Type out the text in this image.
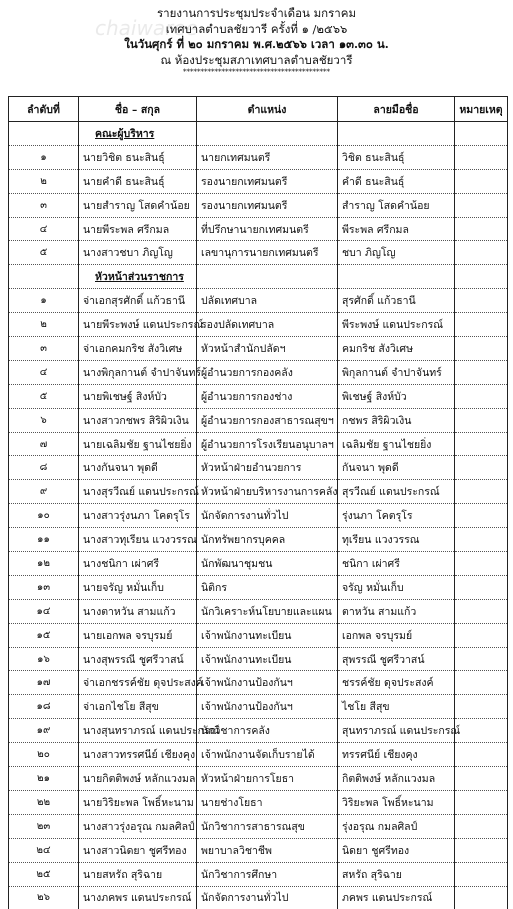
chaiwaree
รายงานการประชุมประจำเดือน มกราคม
เทศบาลตำบลชัยวารี ครั้งที่ ๑ /๒๕๖๖
ในวันศุกร์ ที่ ๒๐ มกราคม พ.ศ.๒๕๖๖ เวลา ๑๓.๓๐ น.
ณ ห้องประชุมสภาเทศบาลตำบลชัยวารี
******************************************
ลำดับที่	ชื่อ – สกุล	ตำแหน่ง	ลายมือชื่อ	หมายเหตุ
	คณะผู้บริหาร			
๑	นายวิชิต ธนะสินธุ์	นายกเทศมนตรี	วิชิต ธนะสินธุ์	
๒	นายคำดี ธนะสินธุ์	รองนายกเทศมนตรี	คำดี ธนะสินธุ์	
๓	นายสำราญ โสดคำน้อย	รองนายกเทศมนตรี	สำราญ โสดคำน้อย	
๔	นายพีระพล ศรีกมล	ที่ปรึกษานายกเทศมนตรี	พีระพล ศรีกมล	
๕	นางสาวชบา ภิญโญ	เลขานุการนายกเทศมนตรี	ชบา ภิญโญ	
	หัวหน้าส่วนราชการ			
๑	จ่าเอกสุรศักดิ์ แก้วธานี	ปลัดเทศบาล	สุรศักดิ์ แก้วธานี	
๒	นายพีระพงษ์ แดนประกรณ์	รองปลัดเทศบาล	พีระพงษ์ แดนประกรณ์	
๓	จ่าเอกคมกริช สังวิเศษ	หัวหน้าสำนักปลัดฯ	คมกริช สังวิเศษ	
๔	นางพิกุลกานต์ จำปาจันทร์	ผู้อำนวยการกองคลัง	พิกุลกานต์ จำปาจันทร์	
๕	นายพิเชษฐ์ สิงห์บัว	ผู้อำนวยการกองช่าง	พิเชษฐ์ สิงห์บัว	
๖	นางสาวกชพร สิริผิวเงิน	ผู้อำนวยการกองสาธารณสุขฯ	กชพร สิริผิวเงิน	
๗	นายเฉลิมชัย ฐานไชยยิ่ง	ผู้อำนวยการโรงเรียนอนุบาลฯ	เฉลิมชัย ฐานไชยยิ่ง	
๘	นางกันจนา พุดดี	หัวหน้าฝ่ายอำนวยการ	กันจนา พุดดี	
๙	นางสุรวีณย์ แดนประกรณ์	หัวหน้าฝ่ายบริหารงานการคลัง	สุรวีณย์ แดนประกรณ์	
๑๐	นางสาวรุ่งนภา โคตรุโร	นักจัดการงานทั่วไป	รุ่งนภา โคตรุโร	
๑๑	นางสาวทุเรียน แวงวรรณ	นักทรัพยากรบุคคล	ทุเรียน แวงวรรณ	
๑๒	นางชนิกา เผ่าศรี	นักพัฒนาชุมชน	ชนิกา เผ่าศรี	
๑๓	นายจรัญ หมั่นเก็บ	นิติกร	จรัญ หมั่นเก็บ	
๑๔	นางตาหวัน สามแก้ว	นักวิเคราะห์นโยบายและแผน	ตาหวัน สามแก้ว	
๑๕	นายเอกพล จรบุรมย์	เจ้าพนักงานทะเบียน	เอกพล จรบุรมย์	
๑๖	นางสุพรรณี ชูศรีวาสน์	เจ้าพนักงานทะเบียน	สุพรรณี ชูศรีวาสน์	
๑๗	จ่าเอกชรรค์ชัย ดุจประสงค์	เจ้าพนักงานป้องกันฯ	ชรรค์ชัย ดุจประสงค์	
๑๘	จ่าเอกไชโย สีสุข	เจ้าพนักงานป้องกันฯ	ไชโย สีสุข	
๑๙	นางสุนทราภรณ์ แดนประกรณ์	นักวิชาการคลัง	สุนทราภรณ์ แดนประกรณ์	
๒๐	นางสาวทรรศนีย์ เชียงคุง	เจ้าพนักงานจัดเก็บรายได้	ทรรศนีย์ เชียงคุง	
๒๑	นายกิตติพงษ์ หลักแวงมล	หัวหน้าฝ่ายการโยธา	กิตติพงษ์ หลักแวงมล	
๒๒	นายวิริยะพล โพธิ์หะนาม	นายช่างโยธา	วิริยะพล โพธิ์หะนาม	
๒๓	นางสาวรุ่งอรุณ กมลศิลป์	นักวิชาการสาธารณสุข	รุ่งอรุณ กมลศิลป์	
๒๔	นางสาวนิดยา ชูศรีทอง	พยาบาลวิชาชีพ	นิดยา ชูศรีทอง	
๒๕	นายสหรัถ สุริฉาย	นักวิชาการศึกษา	สหรัถ สุริฉาย	
๒๖	นางภคพร แดนประกรณ์	นักจัดการงานทั่วไป	ภคพร แดนประกรณ์	
